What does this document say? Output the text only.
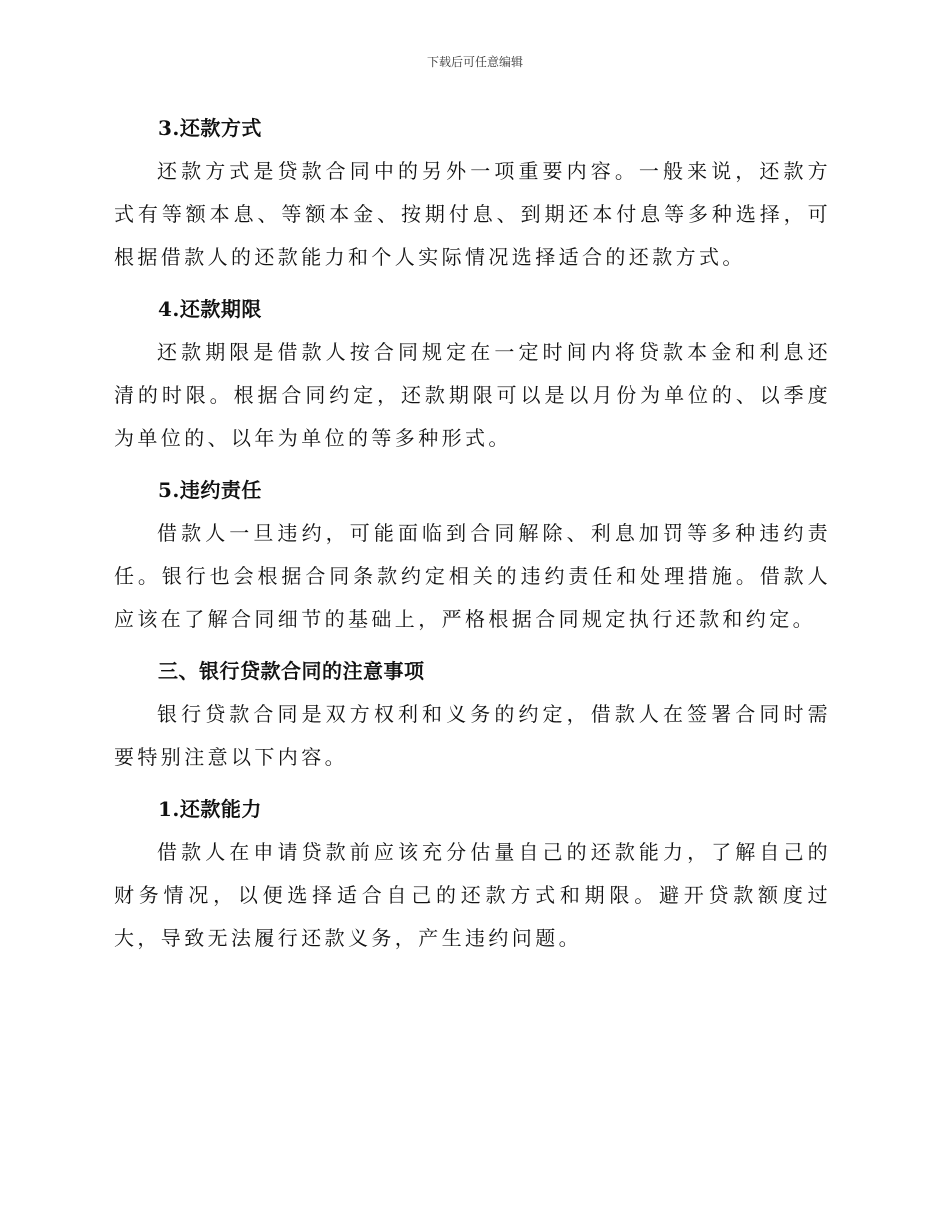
下载后可任意编辑
3.还款方式

还款方式是贷款合同中的另外一项重要内容。一般来说，还款方式有等额本息、等额本金、按期付息、到期还本付息等多种选择，可根据借款人的还款能力和个人实际情况选择适合的还款方式。

4.还款期限

还款期限是借款人按合同规定在一定时间内将贷款本金和利息还清的时限。根据合同约定，还款期限可以是以月份为单位的、以季度为单位的、以年为单位的等多种形式。

5.违约责任

借款人一旦违约，可能面临到合同解除、利息加罚等多种违约责任。银行也会根据合同条款约定相关的违约责任和处理措施。借款人应该在了解合同细节的基础上，严格根据合同规定执行还款和约定。

三、银行贷款合同的注意事项

银行贷款合同是双方权利和义务的约定，借款人在签署合同时需要特别注意以下内容。

1.还款能力

借款人在申请贷款前应该充分估量自己的还款能力，了解自己的财务情况，以便选择适合自己的还款方式和期限。避开贷款额度过大，导致无法履行还款义务，产生违约问题。
